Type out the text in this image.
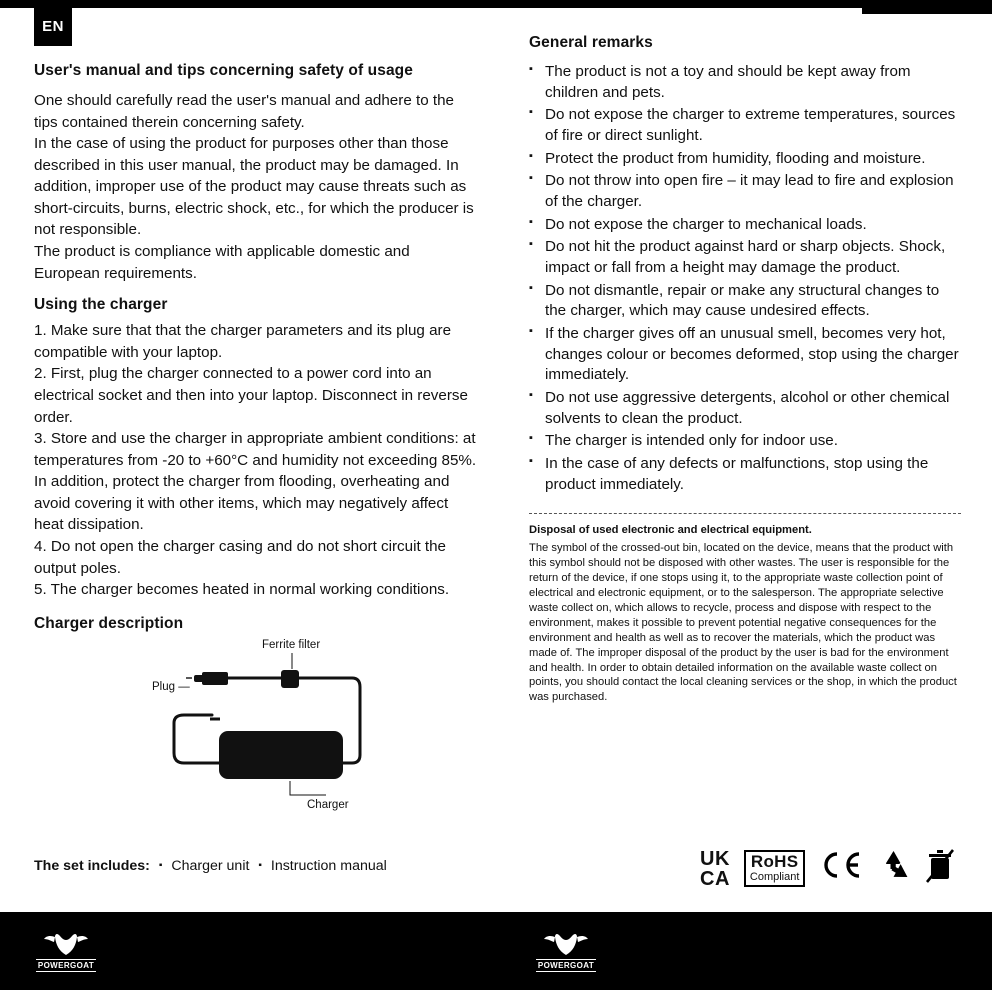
EN
User's manual and tips concerning safety of usage

One should carefully read the user's manual and adhere to the tips contained therein concerning safety.

In the case of using the product for purposes other than those described in this user manual, the product may be damaged. In addition, improper use of the product may cause threats such as short-circuits, burns, electric shock, etc., for which the producer is not responsible.

The product is compliance with applicable domestic and European requirements.

Using the charger

1. Make sure that that the charger parameters and its plug are compatible with your laptop.

2. First, plug the charger connected to a power cord into an electrical socket and then into your laptop. Disconnect in reverse order.

3. Store and use the charger in appropriate ambient conditions: at temperatures from -20 to +60°C and humidity not exceeding 85%. In addition, protect the charger from flooding, overheating and avoid covering it with other items, which may negatively affect heat dissipation.

4. Do not open the charger casing and do not short circuit the output poles.

5. The charger becomes heated in normal working conditions.

Charger description
Ferrite filter
Plug —
Charger
The set includes: ▪ Charger unit ▪ Instruction manual
General remarks
▪ The product is not a toy and should be kept away from children and pets.
▪ Do not expose the charger to extreme temperatures, sources of fire or direct sunlight.
▪ Protect the product from humidity, flooding and moisture.
▪ Do not throw into open fire – it may lead to fire and explosion of the charger.
▪ Do not expose the charger to mechanical loads.
▪ Do not hit the product against hard or sharp objects. Shock, impact or fall from a height may damage the product.
▪ Do not dismantle, repair or make any structural changes to the charger, which may cause undesired effects.
▪ If the charger gives off an unusual smell, becomes very hot, changes colour or becomes deformed, stop using the charger immediately.
▪ Do not use aggressive detergents, alcohol or other chemical solvents to clean the product.
▪ The charger is intended only for indoor use.
▪ In the case of any defects or malfunctions, stop using the product immediately.

Disposal of used electronic and electrical equipment.

The symbol of the crossed-out bin, located on the device, means that the product with this symbol should not be disposed with other wastes. The user is responsible for the return of the device, if one stops using it, to the appropriate waste collection point of electrical and electronic equipment, or to the salesperson. The appropriate selective waste collect on, which allows to recycle, process and dispose with respect to the environment, makes it possible to prevent potential negative consequences for the environment and health as well as to recover the materials, which the product was made of. The improper disposal of the product by the user is bad for the environment and health. In order to obtain detailed information on the available waste collect on points, you should contact the local cleaning services or the shop, in which the product was purchased.

UK
CA
RoHS
Compliant
POWERGOAT	POWERGOAT
